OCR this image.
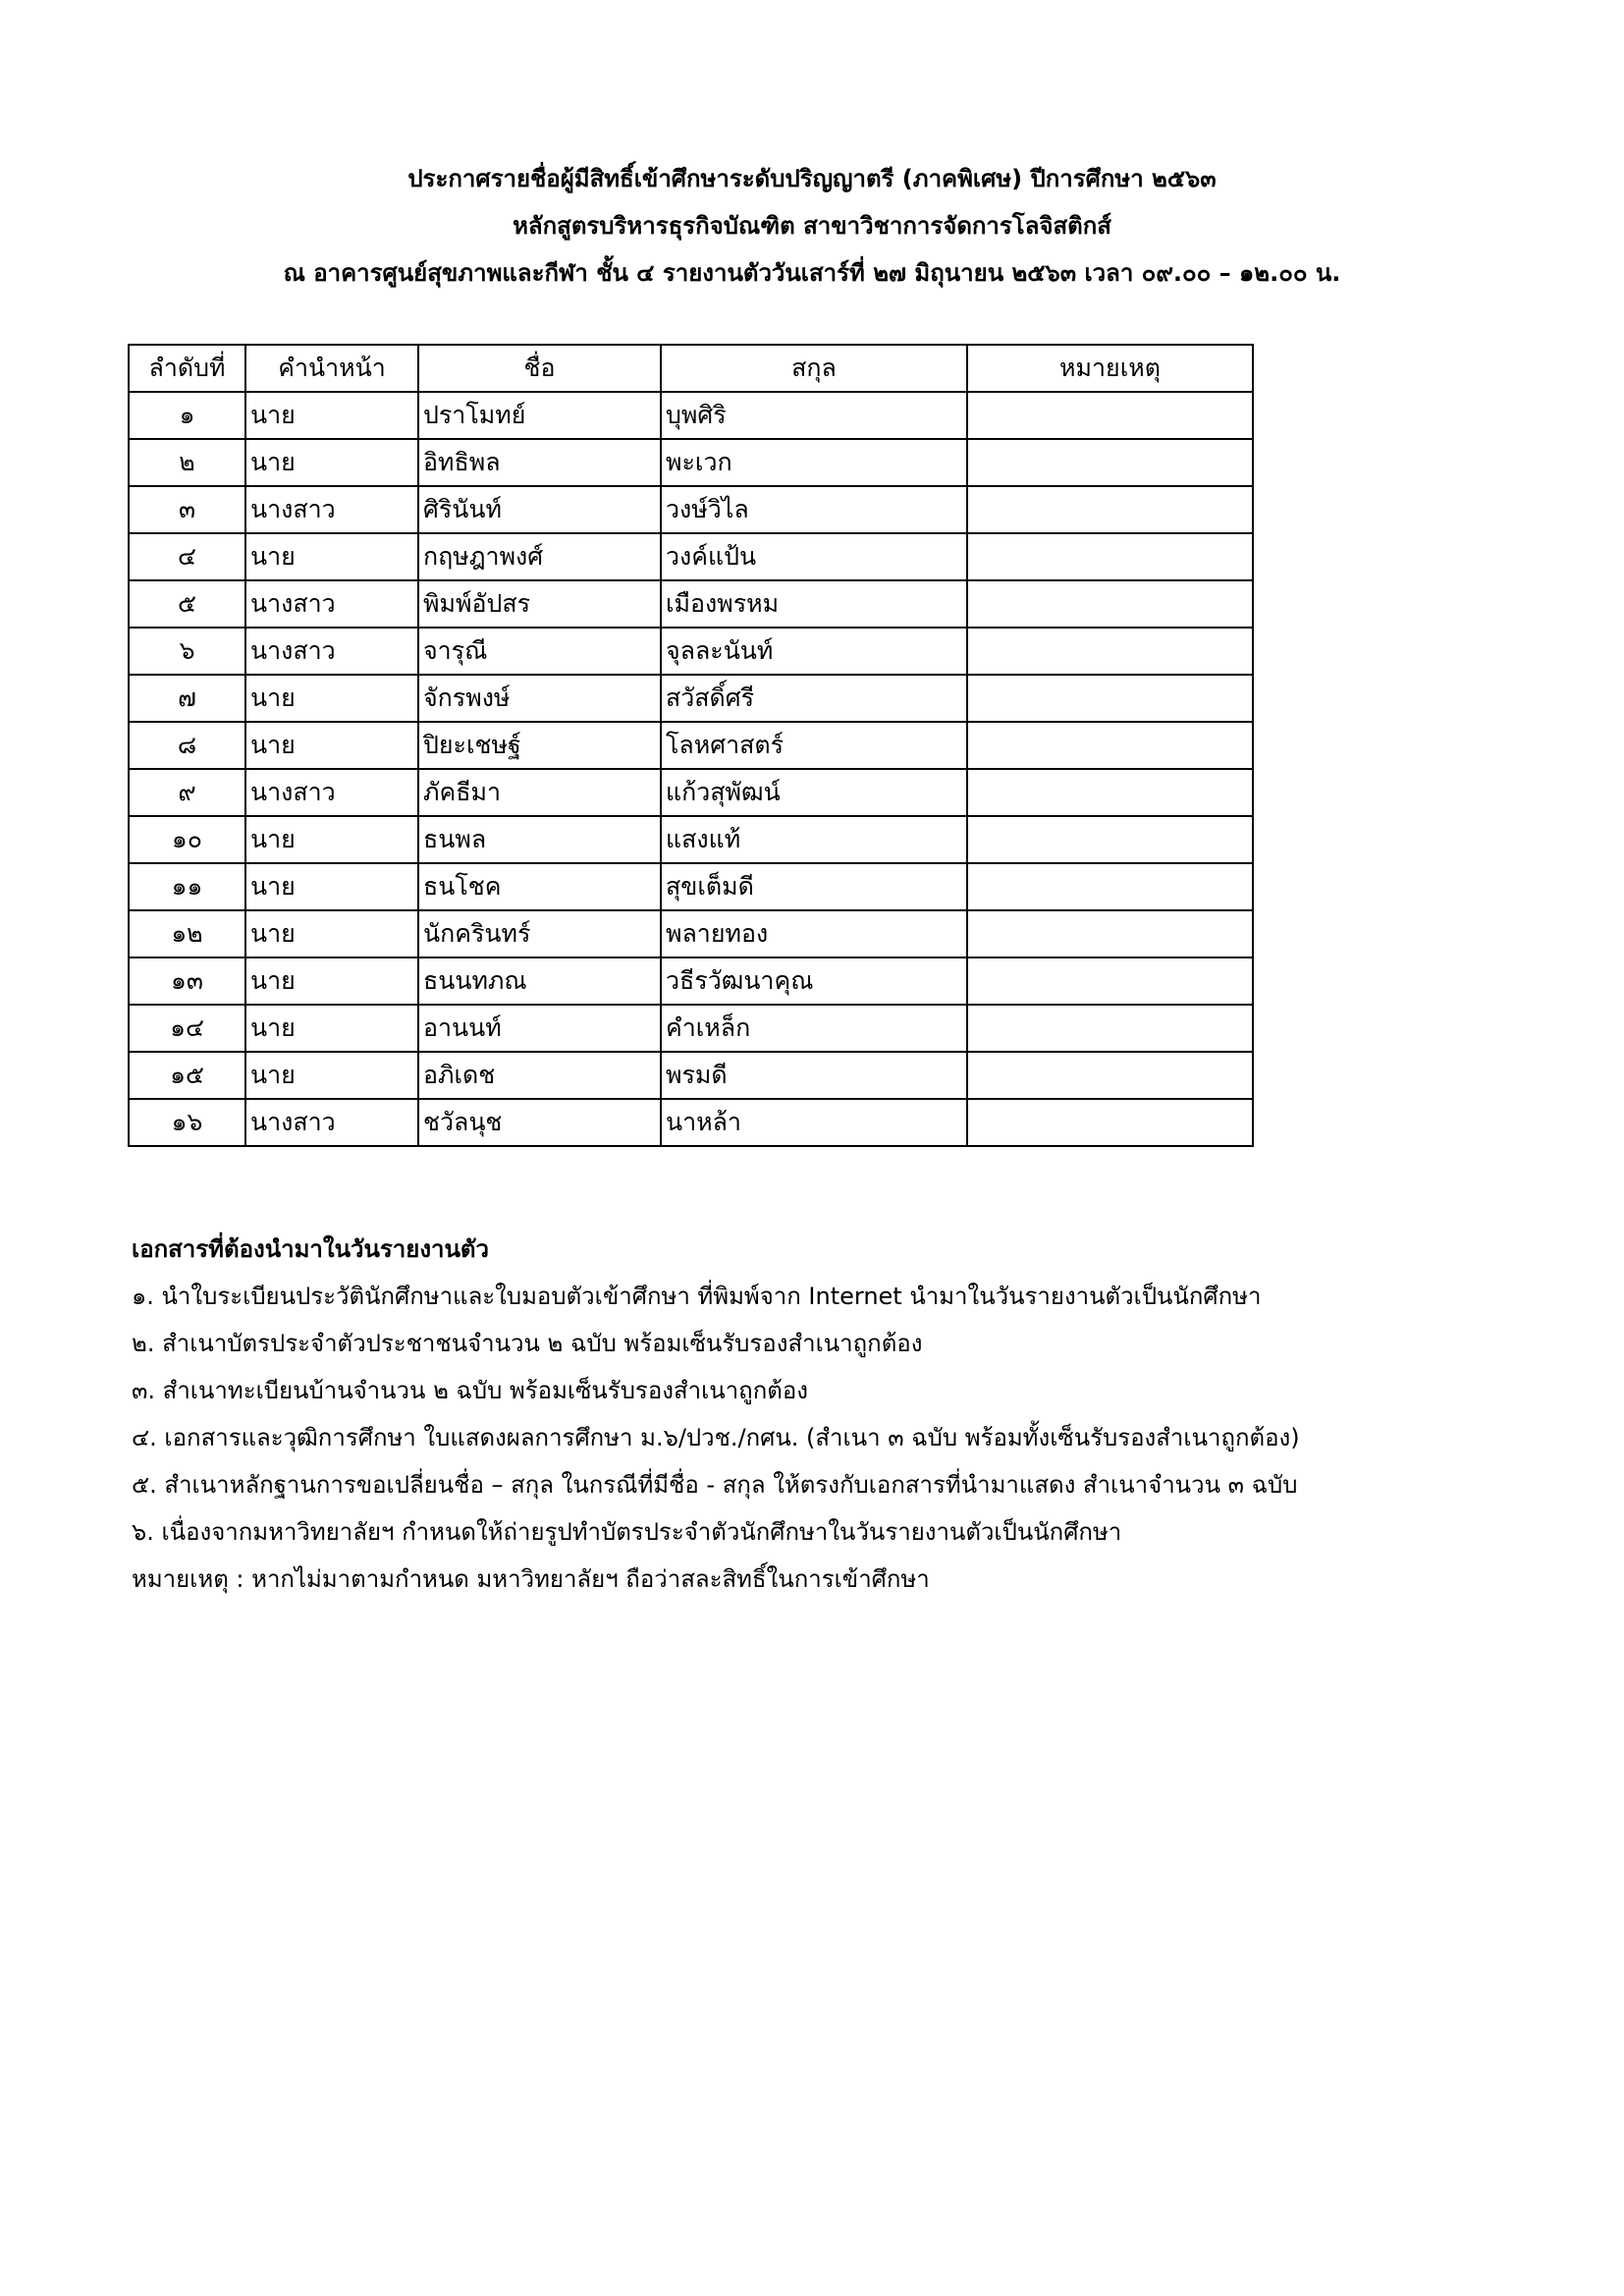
ประกาศรายชื่อผู้มีสิทธิ์เข้าศึกษาระดับปริญญาตรี (ภาคพิเศษ) ปีการศึกษา ๒๕๖๓
หลักสูตรบริหารธุรกิจบัณฑิต สาขาวิชาการจัดการโลจิสติกส์
ณ อาคารศูนย์สุขภาพและกีฬา ชั้น ๔ รายงานตัววันเสาร์ที่ ๒๗ มิถุนายน ๒๕๖๓ เวลา ๐๙.๐๐ – ๑๒.๐๐ น.
ลำดับที่	คำนำหน้า	ชื่อ	สกุล	หมายเหตุ
๑	นาย	ปราโมทย์	บุพศิริ	
๒	นาย	อิทธิพล	พะเวก	
๓	นางสาว	ศิรินันท์	วงษ์วิไล	
๔	นาย	กฤษฎาพงศ์	วงค์แป้น	
๕	นางสาว	พิมพ์อัปสร	เมืองพรหม	
๖	นางสาว	จารุณี	จุลละนันท์	
๗	นาย	จักรพงษ์	สวัสดิ์ศรี	
๘	นาย	ปิยะเชษฐ์	โลหศาสตร์	
๙	นางสาว	ภัคธีมา	แก้วสุพัฒน์	
๑๐	นาย	ธนพล	แสงแท้	
๑๑	นาย	ธนโชค	สุขเต็มดี	
๑๒	นาย	นักครินทร์	พลายทอง	
๑๓	นาย	ธนนทภณ	วธีรวัฒนาคุณ	
๑๔	นาย	อานนท์	คำเหล็ก	
๑๕	นาย	อภิเดช	พรมดี	
๑๖	นางสาว	ชวัลนุช	นาหล้า	
เอกสารที่ต้องนำมาในวันรายงานตัว
๑. นำใบระเบียนประวัตินักศึกษาและใบมอบตัวเข้าศึกษา ที่พิมพ์จาก Internet นำมาในวันรายงานตัวเป็นนักศึกษา
๒. สำเนาบัตรประจำตัวประชาชนจำนวน ๒ ฉบับ พร้อมเซ็นรับรองสำเนาถูกต้อง
๓. สำเนาทะเบียนบ้านจำนวน ๒ ฉบับ พร้อมเซ็นรับรองสำเนาถูกต้อง
๔. เอกสารและวุฒิการศึกษา ใบแสดงผลการศึกษา ม.๖/ปวช./กศน. (สำเนา ๓ ฉบับ พร้อมทั้งเซ็นรับรองสำเนาถูกต้อง)
๕. สำเนาหลักฐานการขอเปลี่ยนชื่อ – สกุล ในกรณีที่มีชื่อ - สกุล ให้ตรงกับเอกสารที่นำมาแสดง สำเนาจำนวน ๓ ฉบับ
๖. เนื่องจากมหาวิทยาลัยฯ กำหนดให้ถ่ายรูปทำบัตรประจำตัวนักศึกษาในวันรายงานตัวเป็นนักศึกษา
หมายเหตุ : หากไม่มาตามกำหนด มหาวิทยาลัยฯ ถือว่าสละสิทธิ์ในการเข้าศึกษา
